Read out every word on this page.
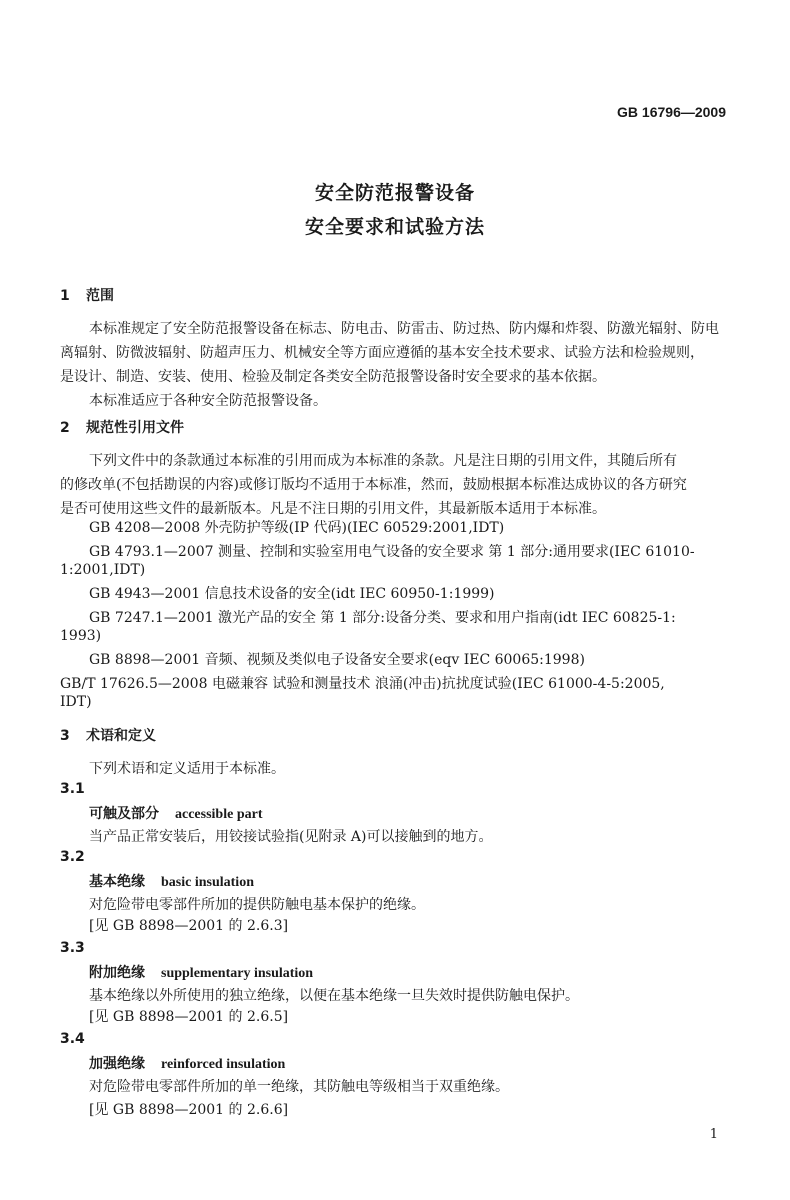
GB 16796—2009
安全防范报警设备
安全要求和试验方法
1 范围
本标准规定了安全防范报警设备在标志、防电击、防雷击、防过热、防内爆和炸裂、防激光辐射、防电
离辐射、防微波辐射、防超声压力、机械安全等方面应遵循的基本安全技术要求、试验方法和检验规则，
是设计、制造、安装、使用、检验及制定各类安全防范报警设备时安全要求的基本依据。
本标准适应于各种安全防范报警设备。
2 规范性引用文件
下列文件中的条款通过本标准的引用而成为本标准的条款。凡是注日期的引用文件，其随后所有
的修改单(不包括勘误的内容)或修订版均不适用于本标准，然而，鼓励根据本标准达成协议的各方研究
是否可使用这些文件的最新版本。凡是不注日期的引用文件，其最新版本适用于本标准。
GB 4208—2008 外壳防护等级(IP 代码)(IEC 60529:2001,IDT)
GB 4793.1—2007 测量、控制和实验室用电气设备的安全要求 第 1 部分:通用要求(IEC 61010-
1:2001,IDT)
GB 4943—2001 信息技术设备的安全(idt IEC 60950-1:1999)
GB 7247.1—2001 激光产品的安全 第 1 部分:设备分类、要求和用户指南(idt IEC 60825-1:
1993)
GB 8898—2001 音频、视频及类似电子设备安全要求(eqv IEC 60065:1998)
GB/T 17626.5—2008 电磁兼容 试验和测量技术 浪涌(冲击)抗扰度试验(IEC 61000-4-5:2005,
IDT)
3 术语和定义
下列术语和定义适用于本标准。
3.1
可触及部分 accessible part
当产品正常安装后，用铰接试验指(见附录 A)可以接触到的地方。
3.2
基本绝缘 basic insulation
对危险带电零部件所加的提供防触电基本保护的绝缘。
[见 GB 8898—2001 的 2.6.3]
3.3
附加绝缘 supplementary insulation
基本绝缘以外所使用的独立绝缘，以便在基本绝缘一旦失效时提供防触电保护。
[见 GB 8898—2001 的 2.6.5]
3.4
加强绝缘 reinforced insulation
对危险带电零部件所加的单一绝缘，其防触电等级相当于双重绝缘。
[见 GB 8898—2001 的 2.6.6]
1
